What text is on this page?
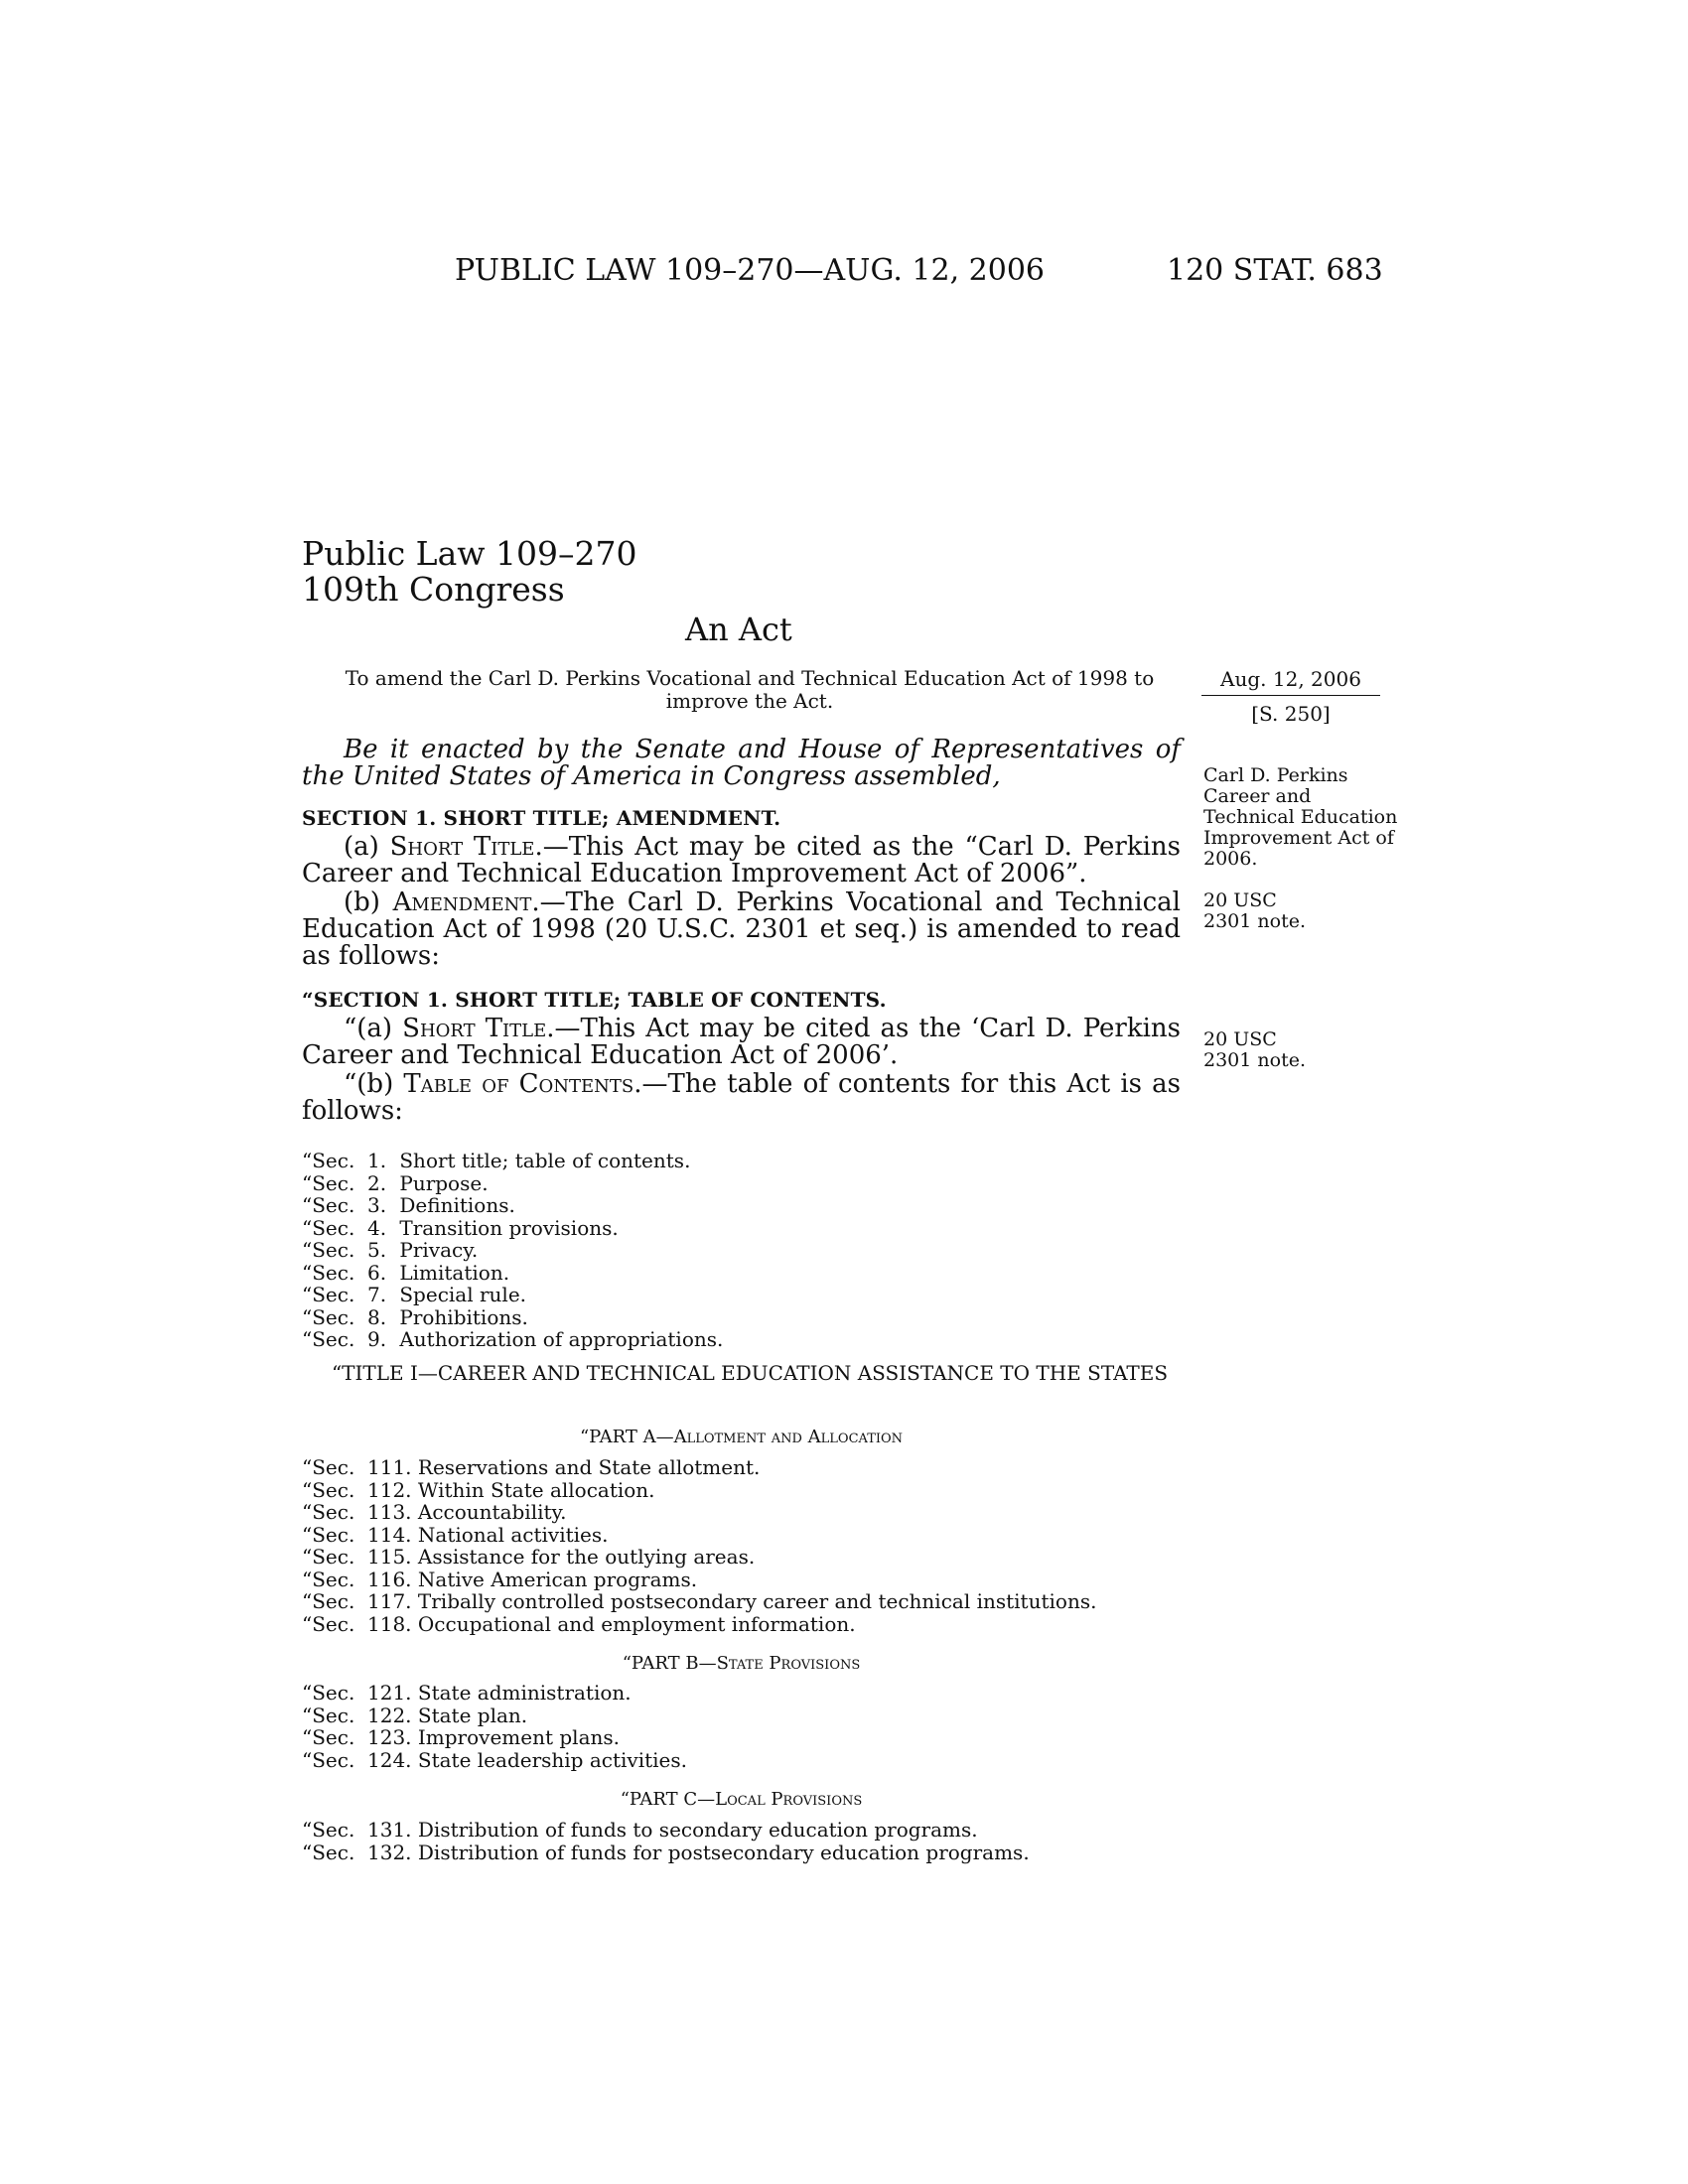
PUBLIC LAW 109–270—AUG. 12, 2006	120 STAT. 683
Public Law 109–270
109th Congress
An Act
To amend the Carl D. Perkins Vocational and Technical Education Act of 1998 to improve the Act.
Aug. 12, 2006
[S. 250]
Be it enacted by the Senate and House of Representatives of the United States of America in Congress assembled,
SECTION 1. SHORT TITLE; AMENDMENT.
(a) Short Title.—This Act may be cited as the “Carl D. Perkins Career and Technical Education Improvement Act of 2006”.
(b) Amendment.—The Carl D. Perkins Vocational and Technical Education Act of 1998 (20 U.S.C. 2301 et seq.) is amended to read as follows:
Carl D. Perkins Career and Technical Education Improvement Act of 2006.
20 USC 2301 note.
20 USC 2301 note.
“SECTION 1. SHORT TITLE; TABLE OF CONTENTS.
“(a) Short Title.—This Act may be cited as the ‘Carl D. Perkins Career and Technical Education Act of 2006’.
“(b) Table of Contents.—The table of contents for this Act is as follows:
“Sec. 1. Short title; table of contents.
“Sec. 2. Purpose.
“Sec. 3. Definitions.
“Sec. 4. Transition provisions.
“Sec. 5. Privacy.
“Sec. 6. Limitation.
“Sec. 7. Special rule.
“Sec. 8. Prohibitions.
“Sec. 9. Authorization of appropriations.
“TITLE I—CAREER AND TECHNICAL EDUCATION ASSISTANCE TO THE STATES
“PART A—Allotment and Allocation
“Sec. 111. Reservations and State allotment.
“Sec. 112. Within State allocation.
“Sec. 113. Accountability.
“Sec. 114. National activities.
“Sec. 115. Assistance for the outlying areas.
“Sec. 116. Native American programs.
“Sec. 117. Tribally controlled postsecondary career and technical institutions.
“Sec. 118. Occupational and employment information.
“PART B—State Provisions
“Sec. 121. State administration.
“Sec. 122. State plan.
“Sec. 123. Improvement plans.
“Sec. 124. State leadership activities.
“PART C—Local Provisions
“Sec. 131. Distribution of funds to secondary education programs.
“Sec. 132. Distribution of funds for postsecondary education programs.
